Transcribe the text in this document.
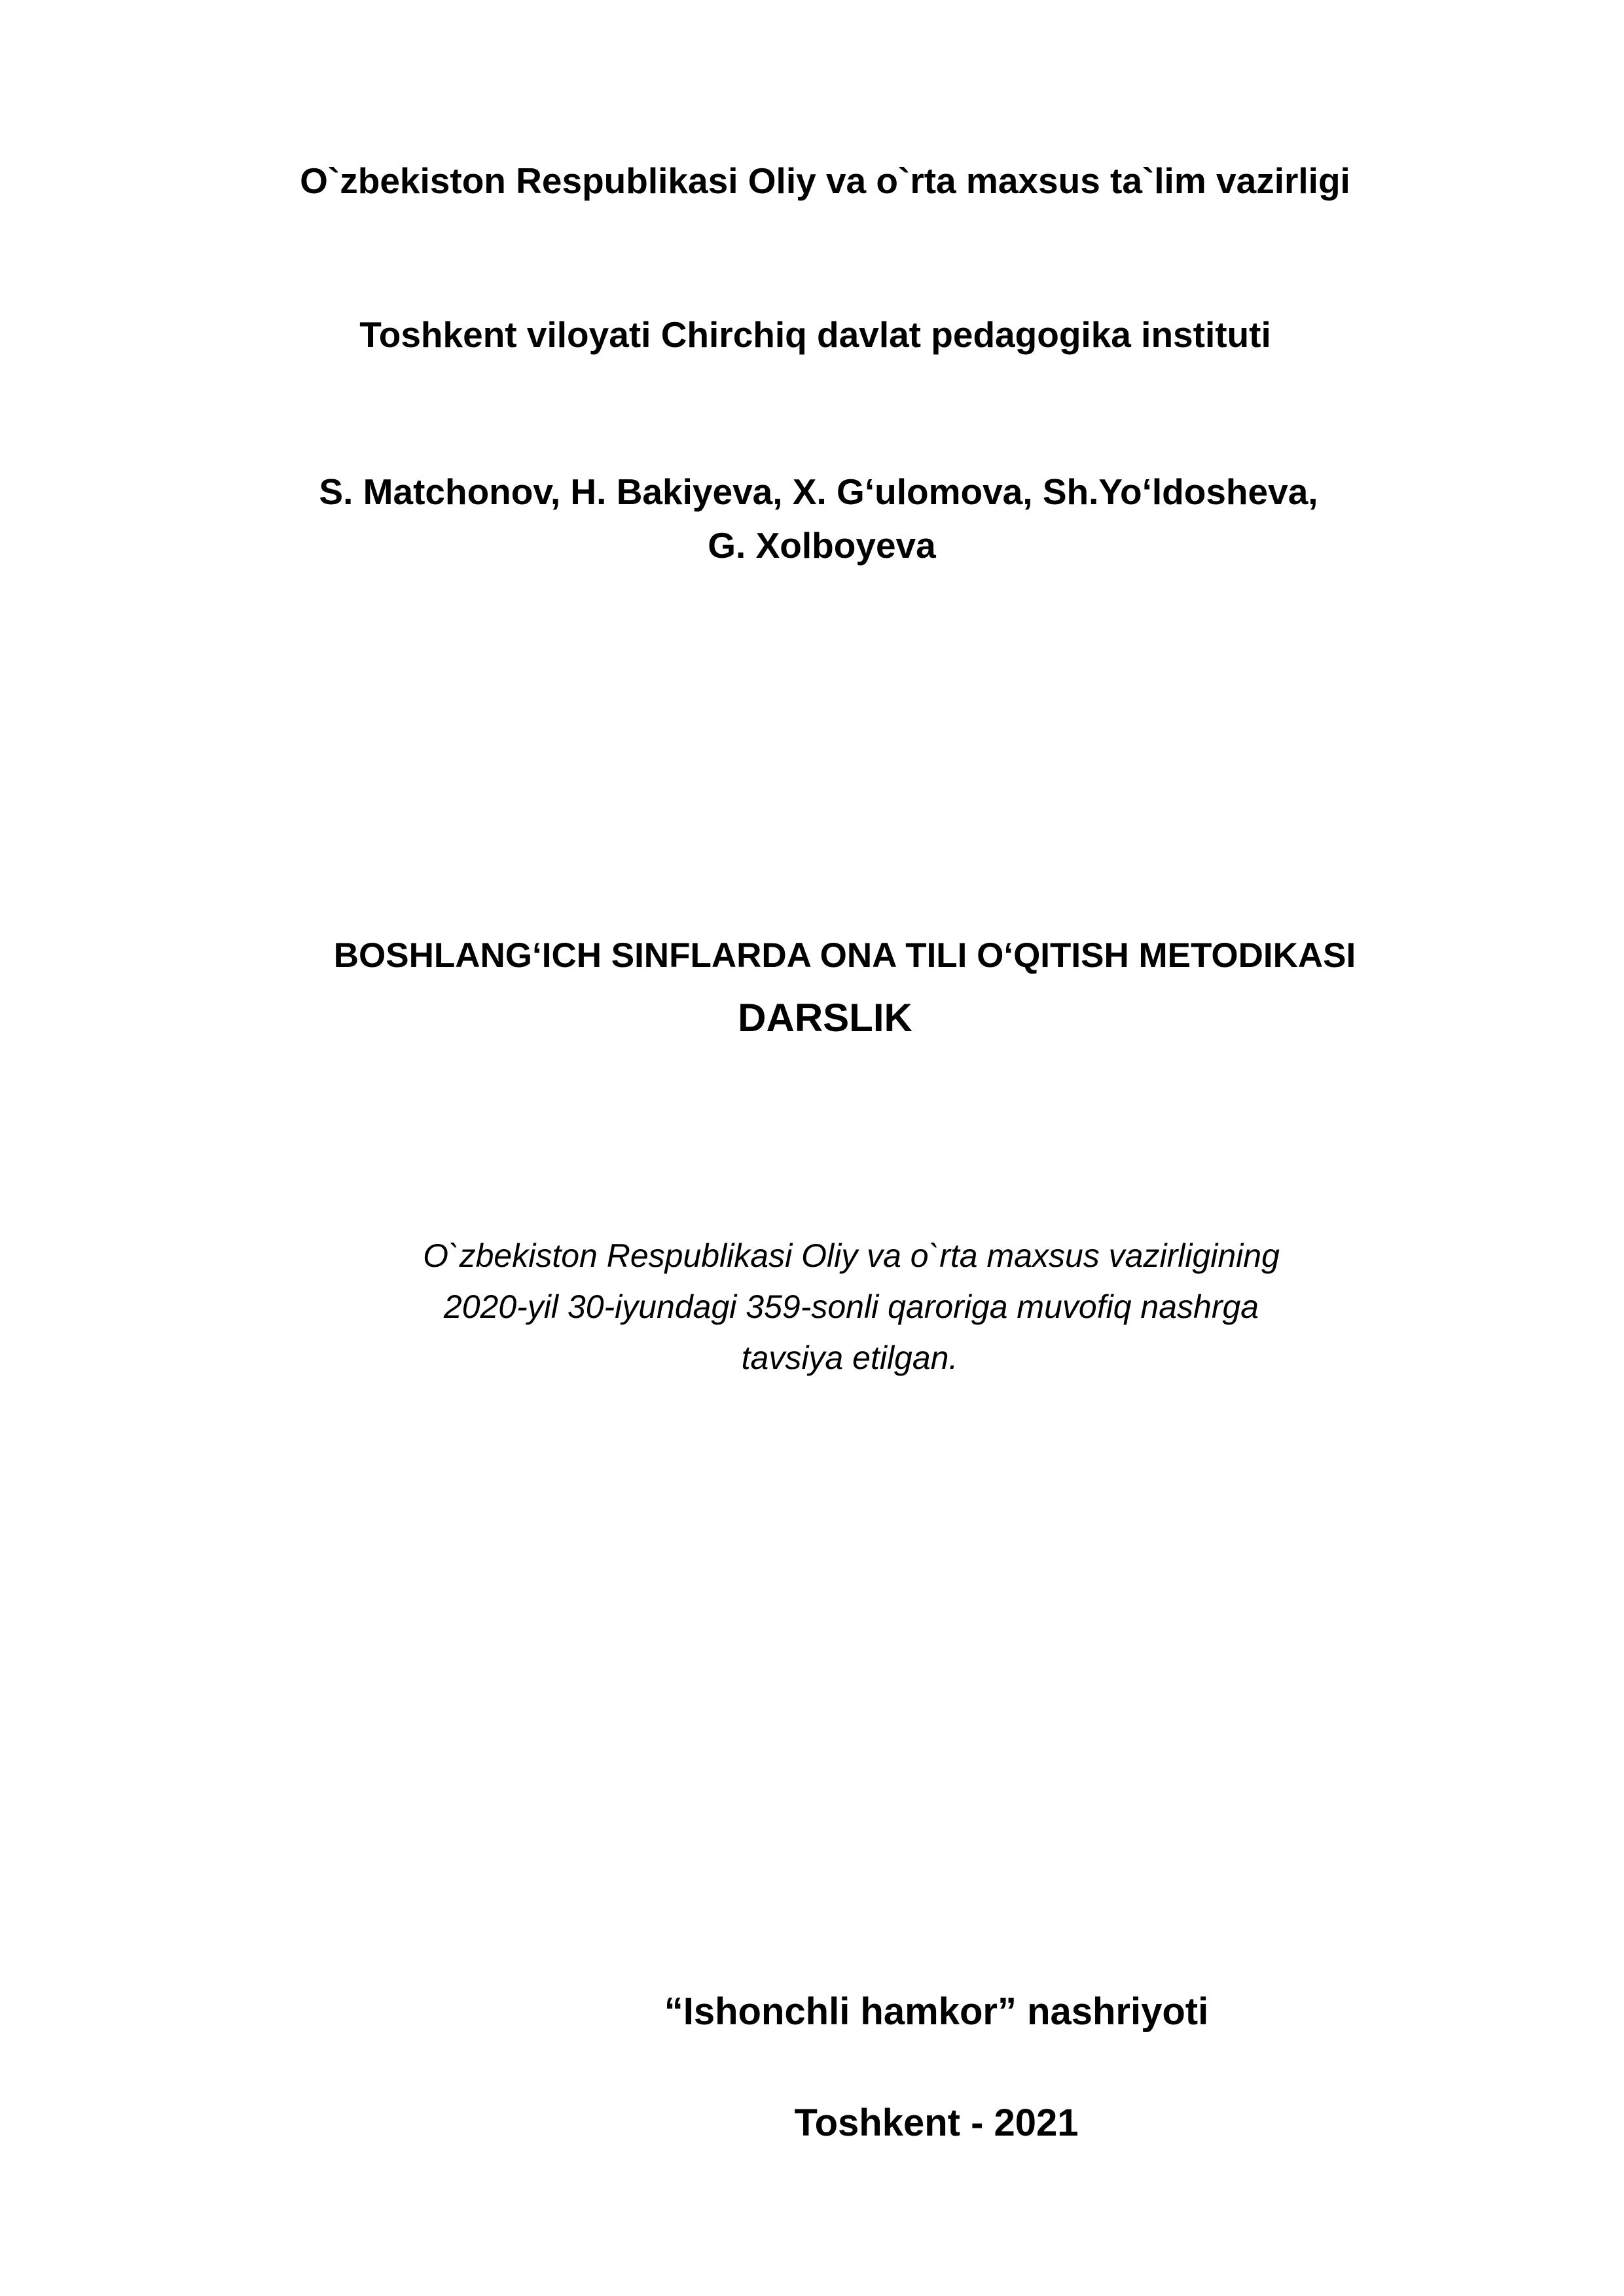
O`zbekiston Respublikasi Oliy va o`rta maxsus ta`lim vazirligi
Toshkent viloyati Chirchiq davlat pedagogika instituti
S. Matchonov, H. Bakiyeva, X. G‘ulomova, Sh.Yo‘ldosheva,
G. Xolboyeva
BOSHLANG‘ICH SINFLARDA ONA TILI O‘QITISH METODIKASI
DARSLIK
O`zbekiston Respublikasi Oliy va o`rta maxsus vazirligining
2020-yil 30-iyundagi 359-sonli qaroriga muvofiq nashrga
tavsiya etilgan.
“Ishonchli hamkor” nashriyoti
Toshkent - 2021
